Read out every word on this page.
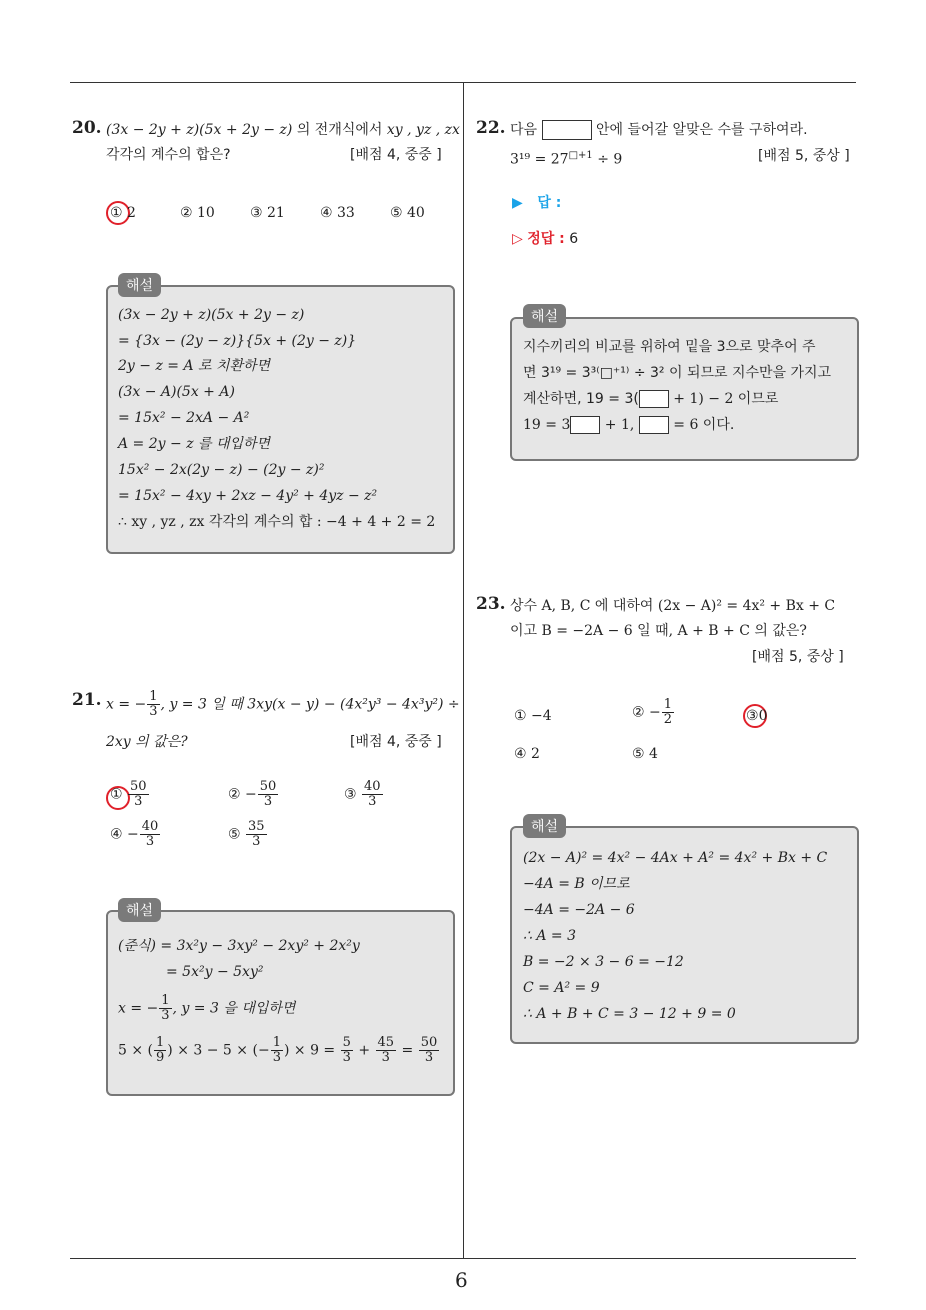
6
20. (3x − 2y + z)(5x + 2y − z) 의 전개식에서 xy , yz , zx
각각의 계수의 합은?	[배점 4, 중중 ]
① 2	② 10	③ 21	④ 33	⑤ 40
해설
(3x − 2y + z)(5x + 2y − z)
= {3x − (2y − z)}{5x + (2y − z)}
2y − z = A 로 치환하면
(3x − A)(5x + A)
= 15x² − 2xA − A²
A = 2y − z 를 대입하면
15x² − 2x(2y − z) − (2y − z)²
= 15x² − 4xy + 2xz − 4y² + 4yz − z²
∴ xy , yz , zx 각각의 계수의 합 : −4 + 4 + 2 = 2
21. x = − $\frac{1}{3}$ , y = 3 일 때 3xy(x − y) − (4x²y³ − 4x³y²) ÷
2xy 의 값은?	[배점 4, 중중 ]
① $\frac{50}{3}$	② − $\frac{50}{3}$	③ $\frac{40}{3}$
④ − $\frac{40}{3}$	⑤ $\frac{35}{3}$
해설
(준식) = 3x²y − 3xy² − 2xy² + 2x²y
= 5x²y − 5xy²
x = − $\frac{1}{3}$ , y = 3 을 대입하면
5 × ( $\frac{1}{9}$ ) × 3 − 5 × (− $\frac{1}{3}$ ) × $9 = \frac{5}{3} + \frac{45}{3} = \frac{50}{3}$
22. 다음	안에 들어갈 알맞은 수를 구하여라.
$3^{19} = 27^{□+1} \div 9$	[배점 5, 중상 ]
▶ 답 :
▷ 정답 : 6
해설
지수끼리의 비교를 위하여 밑을 3으로 맞추어 주
면 3¹⁹ = 3³⁽□⁺¹⁾ ÷ 3² 이 되므로 지수만을 가지고
계산하면, 19 = 3( + 1) − 2 이므로
19 = 3 + 1,  = 6 이다.
23. 상수 A, B, C 에 대하여 (2x − A)² = 4x² + Bx + C
이고 B = −2A − 6 일 때, A + B + C 의 값은?
[배점 5, 중상 ]
① −4	② − $\frac{1}{2}$	③0
④ 2	⑤ 4
해설
(2x − A)² = 4x² − 4Ax + A² = 4x² + Bx + C
−4A = B 이므로
−4A = −2A − 6
∴ A = 3
B = −2 × 3 − 6 = −12
C = A² = 9
∴ A + B + C = 3 − 12 + 9 = 0
